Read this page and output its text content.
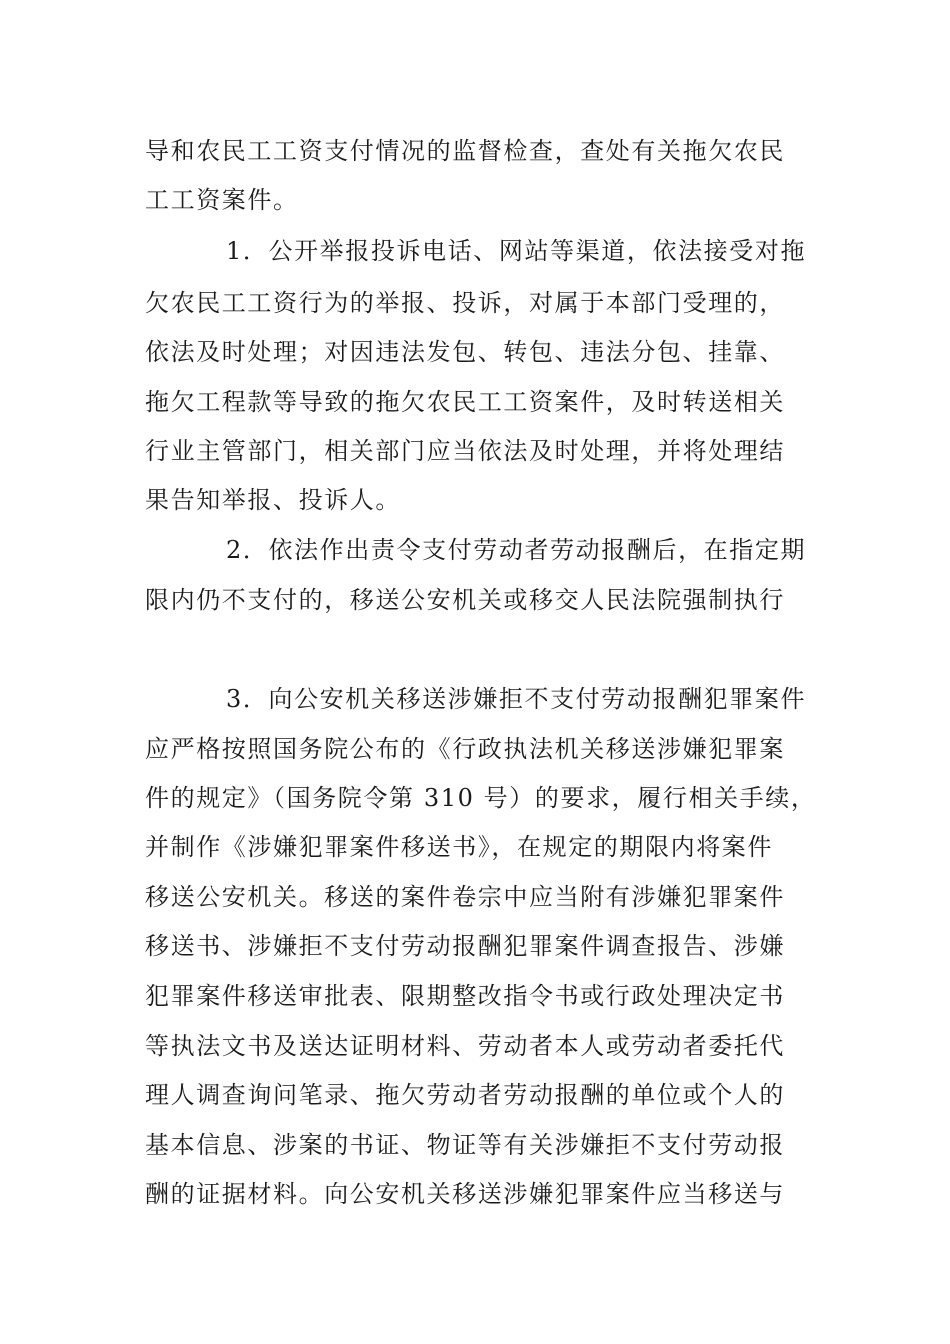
导和农民工工资支付情况的监督检查，查处有关拖欠农民
工工资案件。
1．公开举报投诉电话、网站等渠道，依法接受对拖
欠农民工工资行为的举报、投诉，对属于本部门受理的，
依法及时处理；对因违法发包、转包、违法分包、挂靠、
拖欠工程款等导致的拖欠农民工工资案件，及时转送相关
行业主管部门，相关部门应当依法及时处理，并将处理结
果告知举报、投诉人。
2．依法作出责令支付劳动者劳动报酬后，在指定期
限内仍不支付的，移送公安机关或移交人民法院强制执行
3．向公安机关移送涉嫌拒不支付劳动报酬犯罪案件
应严格按照国务院公布的《行政执法机关移送涉嫌犯罪案
件的规定》（国务院令第 310 号）的要求，履行相关手续，
并制作《涉嫌犯罪案件移送书》，在规定的期限内将案件
移送公安机关。移送的案件卷宗中应当附有涉嫌犯罪案件
移送书、涉嫌拒不支付劳动报酬犯罪案件调查报告、涉嫌
犯罪案件移送审批表、限期整改指令书或行政处理决定书
等执法文书及送达证明材料、劳动者本人或劳动者委托代
理人调查询问笔录、拖欠劳动者劳动报酬的单位或个人的
基本信息、涉案的书证、物证等有关涉嫌拒不支付劳动报
酬的证据材料。向公安机关移送涉嫌犯罪案件应当移送与
